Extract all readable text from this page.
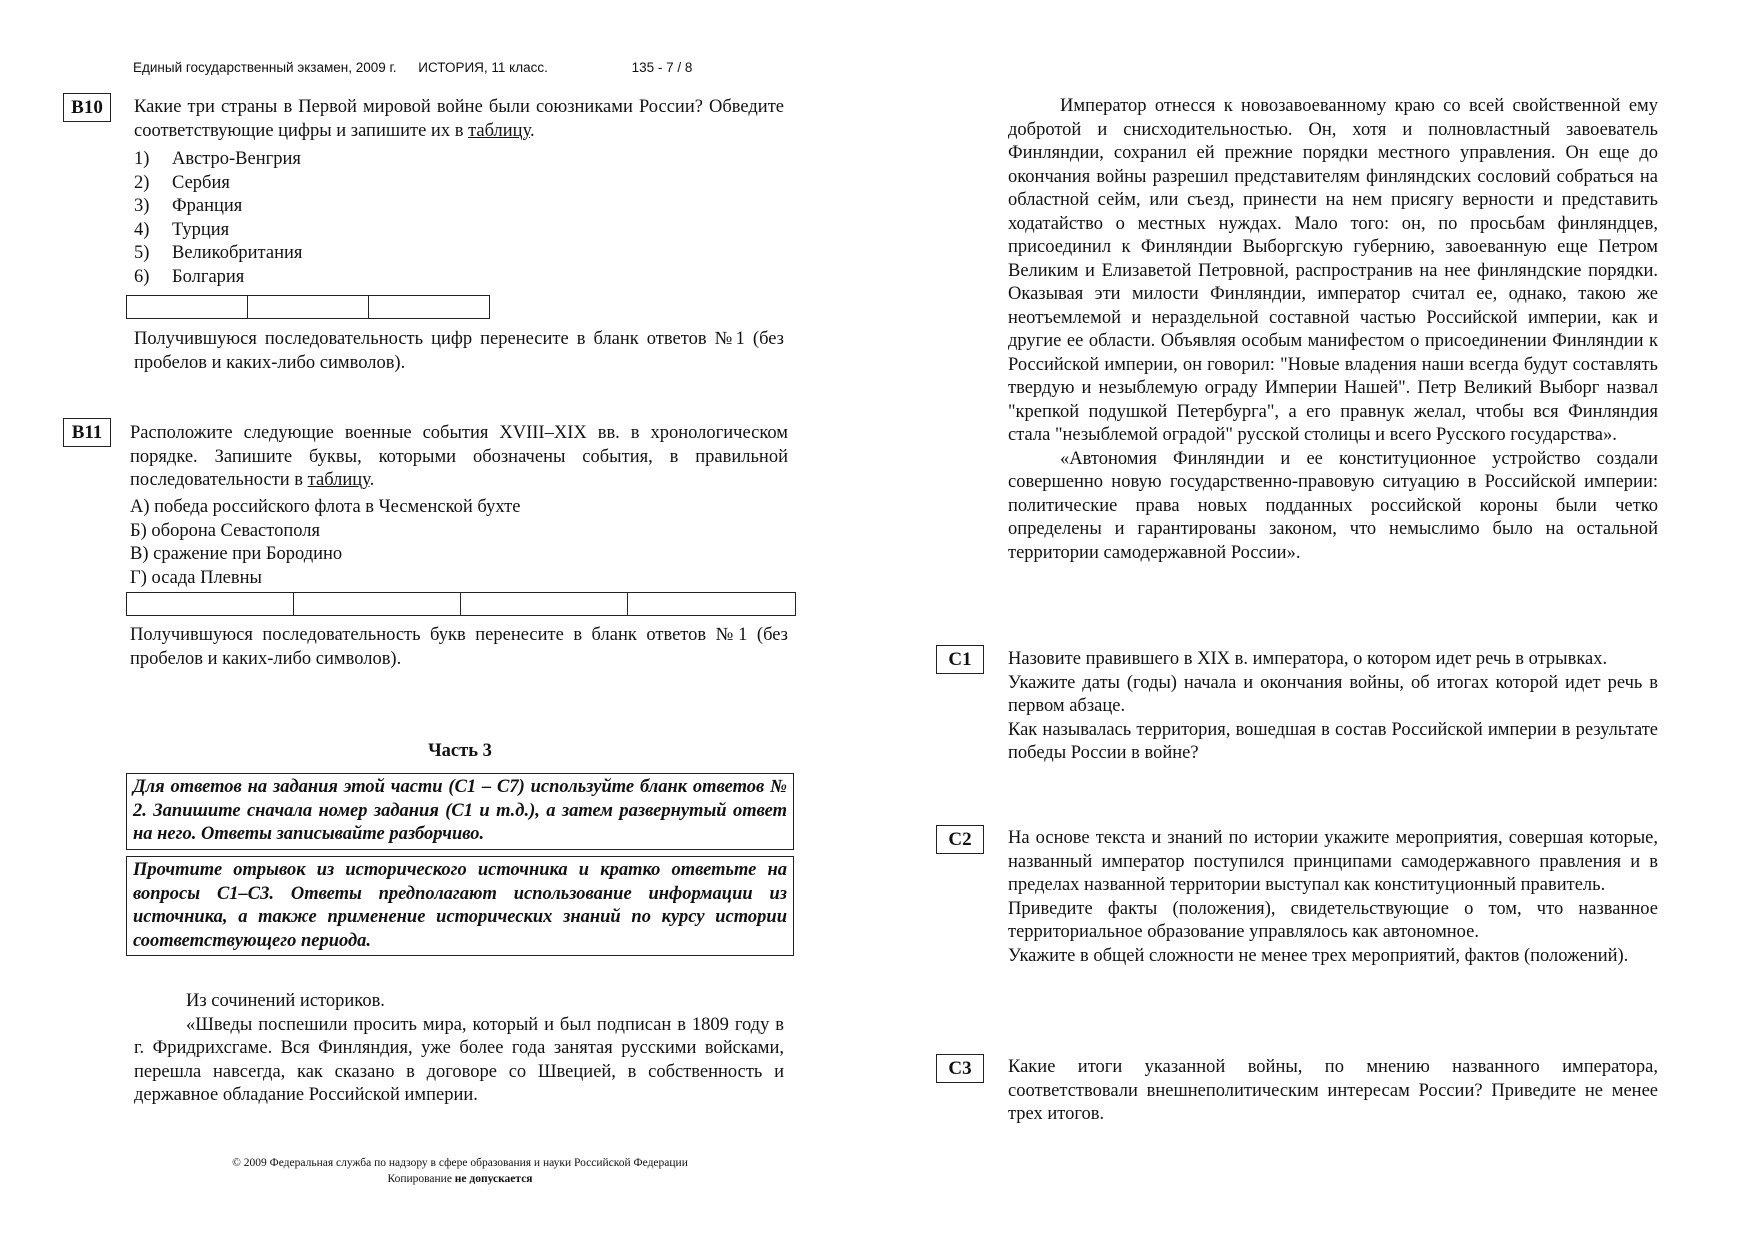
Единый государственный экзамен, 2009 г. ИСТОРИЯ, 11 класс.	135 - 7 / 8
B10	Какие три страны в Первой мировой войне были союзниками России? Обведите соответствующие цифры и запишите их в таблицу.
1) Австро-Венгрия
2) Сербия
3) Франция
4) Турция
5) Великобритания
6) Болгария
Получившуюся последовательность цифр перенесите в бланк ответов №1 (без пробелов и каких-либо символов).
B11	Расположите следующие военные события XVIII–XIX вв. в хронологическом порядке. Запишите буквы, которыми обозначены события, в правильной последовательности в таблицу.

А) победа российского флота в Чесменской бухте

Б) оборона Севастополя

В) сражение при Бородино

Г) осада Плевны

Получившуюся последовательность букв перенесите в бланк ответов №1 (без пробелов и каких-либо символов).
Часть 3
Для ответов на задания этой части (С1 – С7) используйте бланк ответов № 2. Запишите сначала номер задания (С1 и т.д.), а затем развернутый ответ на него. Ответы записывайте разборчиво.
Прочтите отрывок из исторического источника и кратко ответьте на вопросы С1–С3. Ответы предполагают использование информации из источника, а также применение исторических знаний по курсу истории соответствующего периода.

Из сочинений историков.

«Шведы поспешили просить мира, который и был подписан в 1809 году в г. Фридрихсгаме. Вся Финляндия, уже более года занятая русскими войсками, перешла навсегда, как сказано в договоре со Швецией, в собственность и державное обладание Российской империи.

© 2009 Федеральная служба по надзору в сфере образования и науки Российской Федерации
Копирование не допускается

Император отнесся к новозавоеванному краю со всей свойственной ему добротой и снисходительностью. Он, хотя и полновластный завоеватель Финляндии, сохранил ей прежние порядки местного управления. Он еще до окончания войны разрешил представителям финляндских сословий собраться на областной сейм, или съезд, принести на нем присягу верности и представить ходатайство о местных нуждах. Мало того: он, по просьбам финляндцев, присоединил к Финляндии Выборгскую губернию, завоеванную еще Петром Великим и Елизаветой Петровной, распространив на нее финляндские порядки. Оказывая эти милости Финляндии, император считал ее, однако, такою же неотъемлемой и нераздельной составной частью Российской империи, как и другие ее области. Объявляя особым манифестом о присоединении Финляндии к Российской империи, он говорил: "Новые владения наши всегда будут составлять твердую и незыблемую ограду Империи Нашей". Петр Великий Выборг назвал "крепкой подушкой Петербурга", а его правнук желал, чтобы вся Финляндия стала "незыблемой оградой" русской столицы и всего Русского государства».

«Автономия Финляндии и ее конституционное устройство создали совершенно новую государственно-правовую ситуацию в Российской империи: политические права новых подданных российской короны были четко определены и гарантированы законом, что немыслимо было на остальной территории самодержавной России».

С1	Назовите правившего в XIX в. императора, о котором идет речь в отрывках.

Укажите даты (годы) начала и окончания войны, об итогах которой идет речь в первом абзаце.

Как называлась территория, вошедшая в состав Российской империи в результате победы России в войне?

С2	На основе текста и знаний по истории укажите мероприятия, совершая которые, названный император поступился принципами самодержавного правления и в пределах названной территории выступал как конституционный правитель.

Приведите факты (положения), свидетельствующие о том, что названное территориальное образование управлялось как автономное.

Укажите в общей сложности не менее трех мероприятий, фактов (положений).

С3	Какие итоги указанной войны, по мнению названного императора, соответствовали внешнеполитическим интересам России? Приведите не менее трех итогов.
